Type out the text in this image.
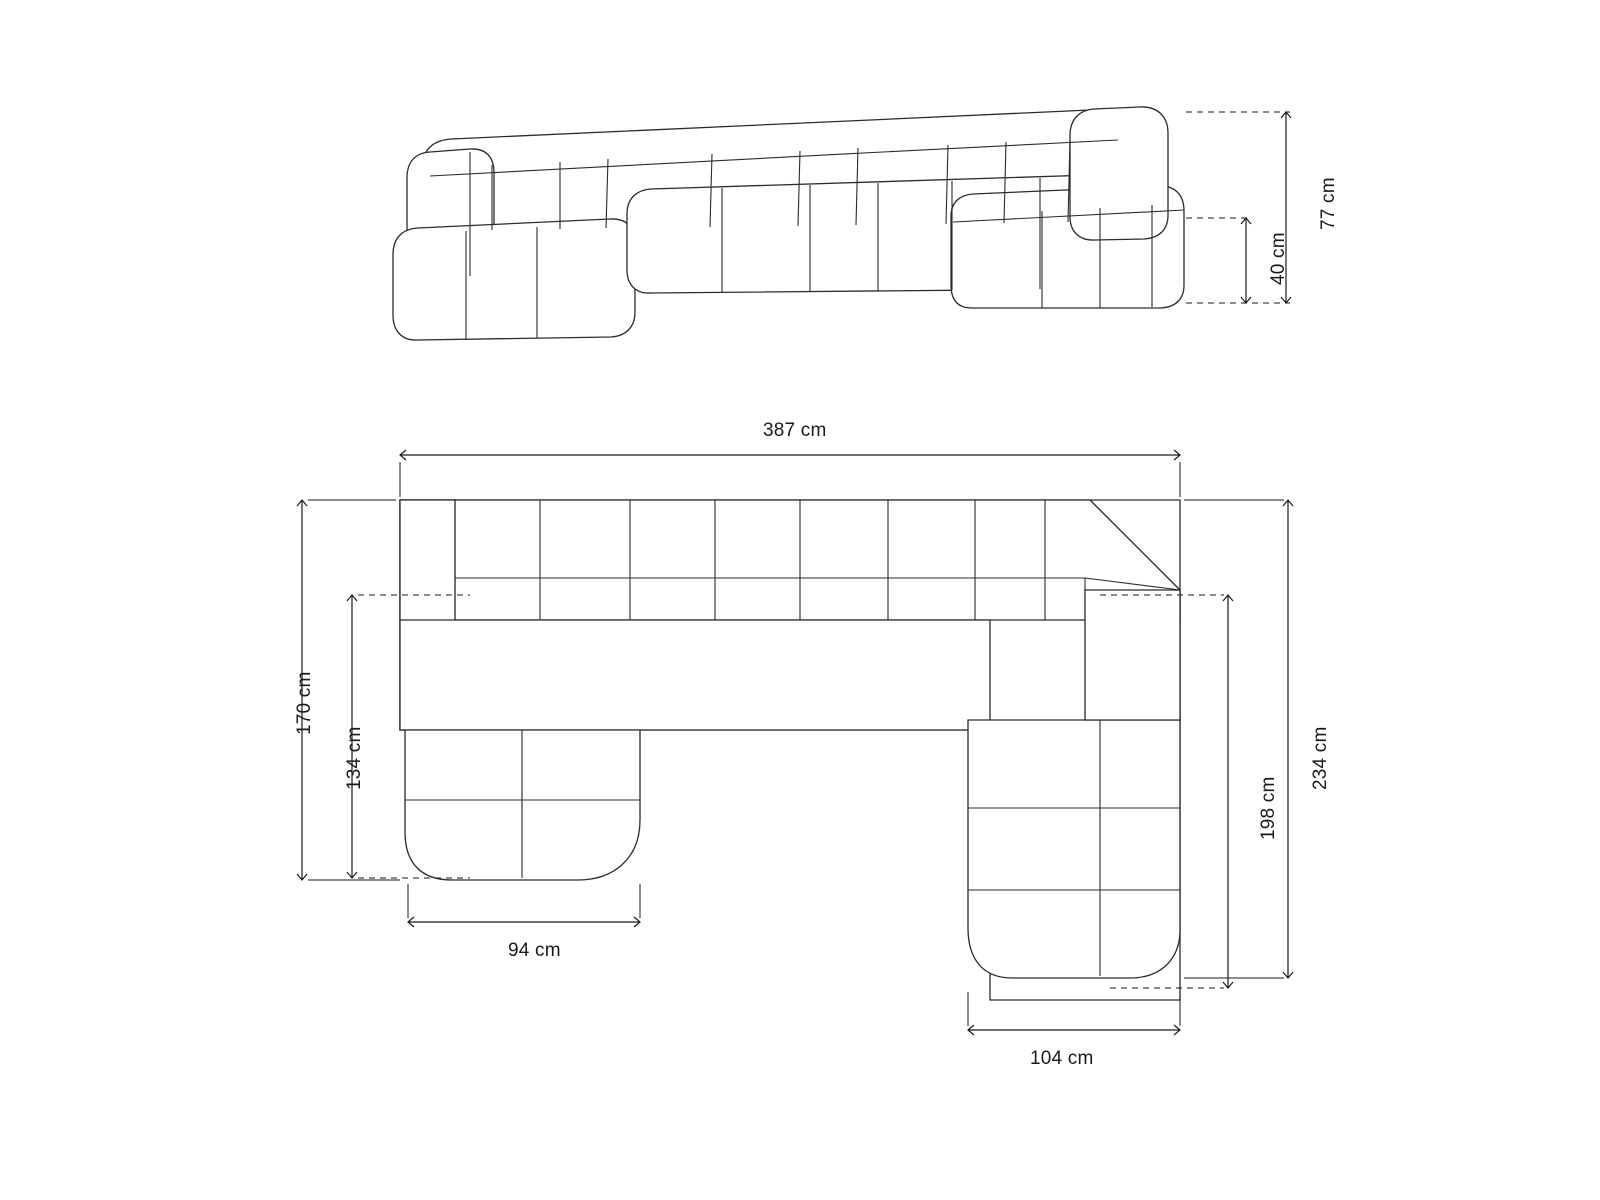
77 cm
40 cm
387 cm
170 cm
134 cm
94 cm
234 cm
198 cm
104 cm
